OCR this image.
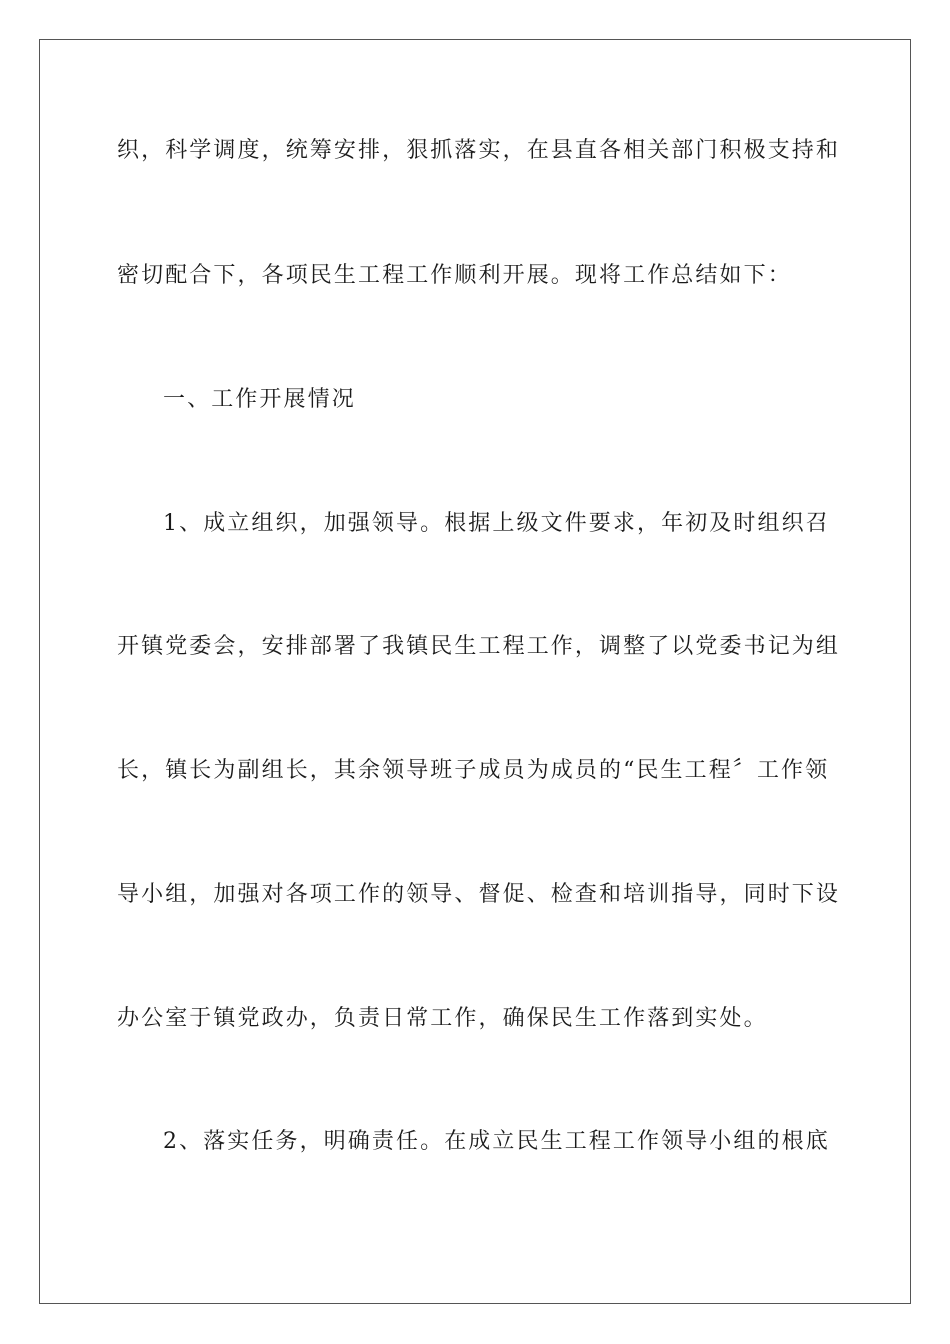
织，科学调度，统筹安排，狠抓落实，在县直各相关部门积极支持和
密切配合下，各项民生工程工作顺利开展。现将工作总结如下：
一、工作开展情况
1、成立组织，加强领导。根据上级文件要求，年初及时组织召
开镇党委会，安排部署了我镇民生工程工作，调整了以党委书记为组
长，镇长为副组长，其余领导班子成员为成员的“民生工程〞工作领
导小组，加强对各项工作的领导、督促、检查和培训指导，同时下设
办公室于镇党政办，负责日常工作，确保民生工作落到实处。
2、落实任务，明确责任。在成立民生工程工作领导小组的根底
